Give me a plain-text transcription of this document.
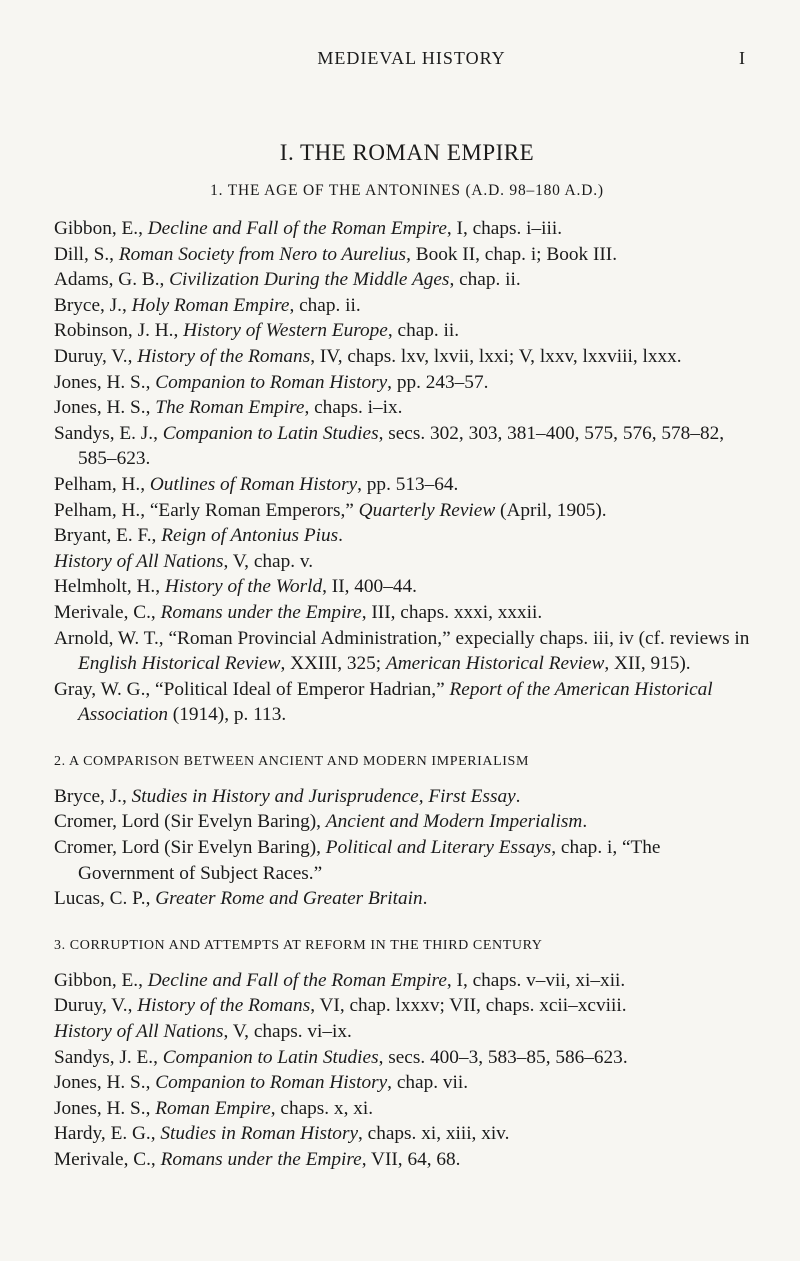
MEDIEVAL HISTORY	I
I. THE ROMAN EMPIRE
1. THE AGE OF THE ANTONINES (A.D. 98–180 A.D.)
Gibbon, E., Decline and Fall of the Roman Empire, I, chaps. i–iii.
Dill, S., Roman Society from Nero to Aurelius, Book II, chap. i; Book III.
Adams, G. B., Civilization During the Middle Ages, chap. ii.
Bryce, J., Holy Roman Empire, chap. ii.
Robinson, J. H., History of Western Europe, chap. ii.
Duruy, V., History of the Romans, IV, chaps. lxv, lxvii, lxxi; V, lxxv, lxxviii, lxxx.
Jones, H. S., Companion to Roman History, pp. 243–57.
Jones, H. S., The Roman Empire, chaps. i–ix.
Sandys, E. J., Companion to Latin Studies, secs. 302, 303, 381–400, 575, 576, 578–82, 585–623.
Pelham, H., Outlines of Roman History, pp. 513–64.
Pelham, H., “Early Roman Emperors,” Quarterly Review (April, 1905).
Bryant, E. F., Reign of Antonius Pius.
History of All Nations, V, chap. v.
Helmholt, H., History of the World, II, 400–44.
Merivale, C., Romans under the Empire, III, chaps. xxxi, xxxii.
Arnold, W. T., “Roman Provincial Administration,” expecially chaps. iii, iv (cf. reviews in English Historical Review, XXIII, 325; American Historical Review, XII, 915).
Gray, W. G., “Political Ideal of Emperor Hadrian,” Report of the American Historical Association (1914), p. 113.
2. A COMPARISON BETWEEN ANCIENT AND MODERN IMPERIALISM
Bryce, J., Studies in History and Jurisprudence, First Essay.
Cromer, Lord (Sir Evelyn Baring), Ancient and Modern Imperialism.
Cromer, Lord (Sir Evelyn Baring), Political and Literary Essays, chap. i, “The Government of Subject Races.”
Lucas, C. P., Greater Rome and Greater Britain.
3. CORRUPTION AND ATTEMPTS AT REFORM IN THE THIRD CENTURY
Gibbon, E., Decline and Fall of the Roman Empire, I, chaps. v–vii, xi–xii.
Duruy, V., History of the Romans, VI, chap. lxxxv; VII, chaps. xcii–xcviii.
History of All Nations, V, chaps. vi–ix.
Sandys, J. E., Companion to Latin Studies, secs. 400–3, 583–85, 586–623.
Jones, H. S., Companion to Roman History, chap. vii.
Jones, H. S., Roman Empire, chaps. x, xi.
Hardy, E. G., Studies in Roman History, chaps. xi, xiii, xiv.
Merivale, C., Romans under the Empire, VII, 64, 68.
